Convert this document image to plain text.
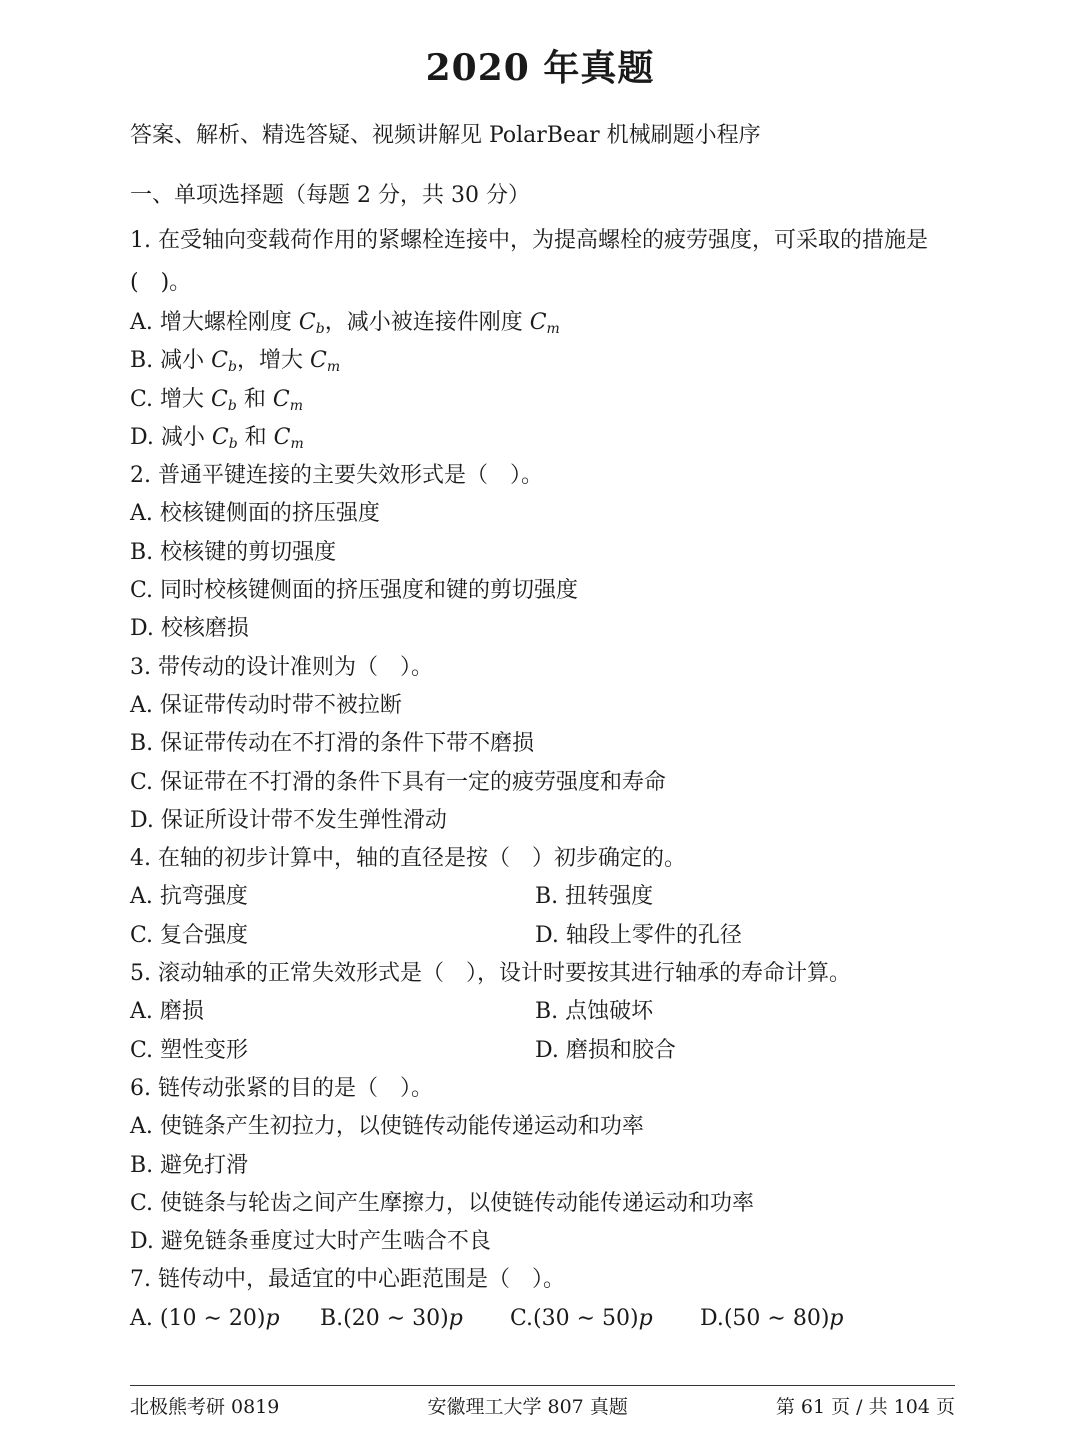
2020 年真题
答案、解析、精选答疑、视频讲解见 PolarBear 机械刷题小程序
一、单项选择题（每题 2 分，共 30 分）
1. 在受轴向变载荷作用的紧螺栓连接中，为提高螺栓的疲劳强度，可采取的措施是
(　)。
A. 增大螺栓刚度 $C_b$，减小被连接件刚度 $C_m$
B. 减小 $C_b$，增大 $C_m$
C. 增大 $C_b$ 和 $C_m$
D. 减小 $C_b$ 和 $C_m$
2. 普通平键连接的主要失效形式是（　）。
A. 校核键侧面的挤压强度
B. 校核键的剪切强度
C. 同时校核键侧面的挤压强度和键的剪切强度
D. 校核磨损
3. 带传动的设计准则为（　）。
A. 保证带传动时带不被拉断
B. 保证带传动在不打滑的条件下带不磨损
C. 保证带在不打滑的条件下具有一定的疲劳强度和寿命
D. 保证所设计带不发生弹性滑动
4. 在轴的初步计算中，轴的直径是按（　）初步确定的。
A. 抗弯强度	B. 扭转强度
C. 复合强度	D. 轴段上零件的孔径
5. 滚动轴承的正常失效形式是（　），设计时要按其进行轴承的寿命计算。
A. 磨损	B. 点蚀破坏
C. 塑性变形	D. 磨损和胶合
6. 链传动张紧的目的是（　）。
A. 使链条产生初拉力，以使链传动能传递运动和功率
B. 避免打滑
C. 使链条与轮齿之间产生摩擦力，以使链传动能传递运动和功率
D. 避免链条垂度过大时产生啮合不良
7. 链传动中，最适宜的中心距范围是（　）。
A. (10 ∼ 20)p	B.(20 ∼ 30)p	C.(30 ∼ 50)p	D.(50 ∼ 80)p
北极熊考研 0819	安徽理工大学 807 真题	第 61 页 / 共 104 页
